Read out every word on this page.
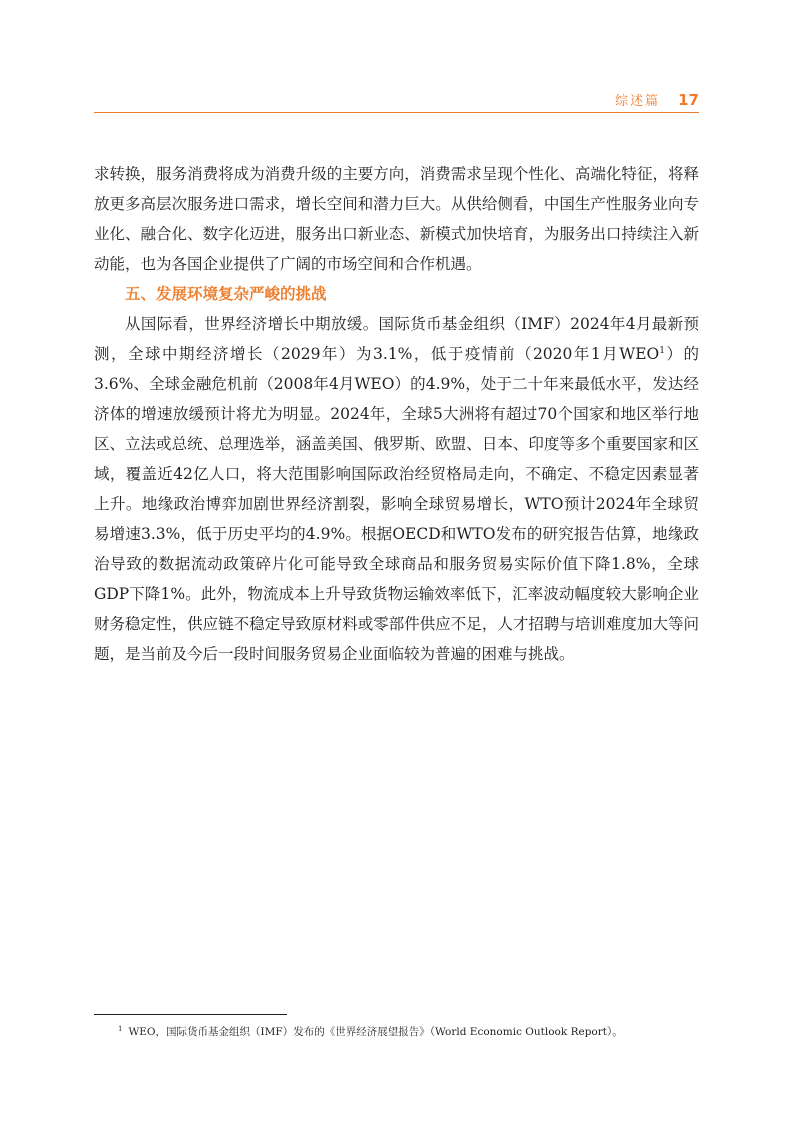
综述篇 17

求转换，服务消费将成为消费升级的主要方向，消费需求呈现个性化、高端化特征，将释放更多高层次服务进口需求，增长空间和潜力巨大。从供给侧看，中国生产性服务业向专业化、融合化、数字化迈进，服务出口新业态、新模式加快培育，为服务出口持续注入新动能，也为各国企业提供了广阔的市场空间和合作机遇。

五、发展环境复杂严峻的挑战

从国际看，世界经济增长中期放缓。国际货币基金组织（IMF）2024年4月最新预测，全球中期经济增长（2029年）为3.1%，低于疫情前（2020年1月WEO$^1$）的3.6%、全球金融危机前（2008年4月WEO）的4.9%，处于二十年来最低水平，发达经济体的增速放缓预计将尤为明显。2024年，全球5大洲将有超过70个国家和地区举行地区、立法或总统、总理选举，涵盖美国、俄罗斯、欧盟、日本、印度等多个重要国家和区域，覆盖近42亿人口，将大范围影响国际政治经贸格局走向，不确定、不稳定因素显著上升。地缘政治博弈加剧世界经济割裂，影响全球贸易增长，WTO预计2024年全球贸易增速3.3%，低于历史平均的4.9%。根据OECD和WTO发布的研究报告估算，地缘政治导致的数据流动政策碎片化可能导致全球商品和服务贸易实际价值下降1.8%，全球GDP下降1%。此外，物流成本上升导致货物运输效率低下，汇率波动幅度较大影响企业财务稳定性，供应链不稳定导致原材料或零部件供应不足，人才招聘与培训难度加大等问题，是当前及今后一段时间服务贸易企业面临较为普遍的困难与挑战。

$^1$ WEO，国际货币基金组织（IMF）发布的《世界经济展望报告》（World Economic Outlook Report）。
